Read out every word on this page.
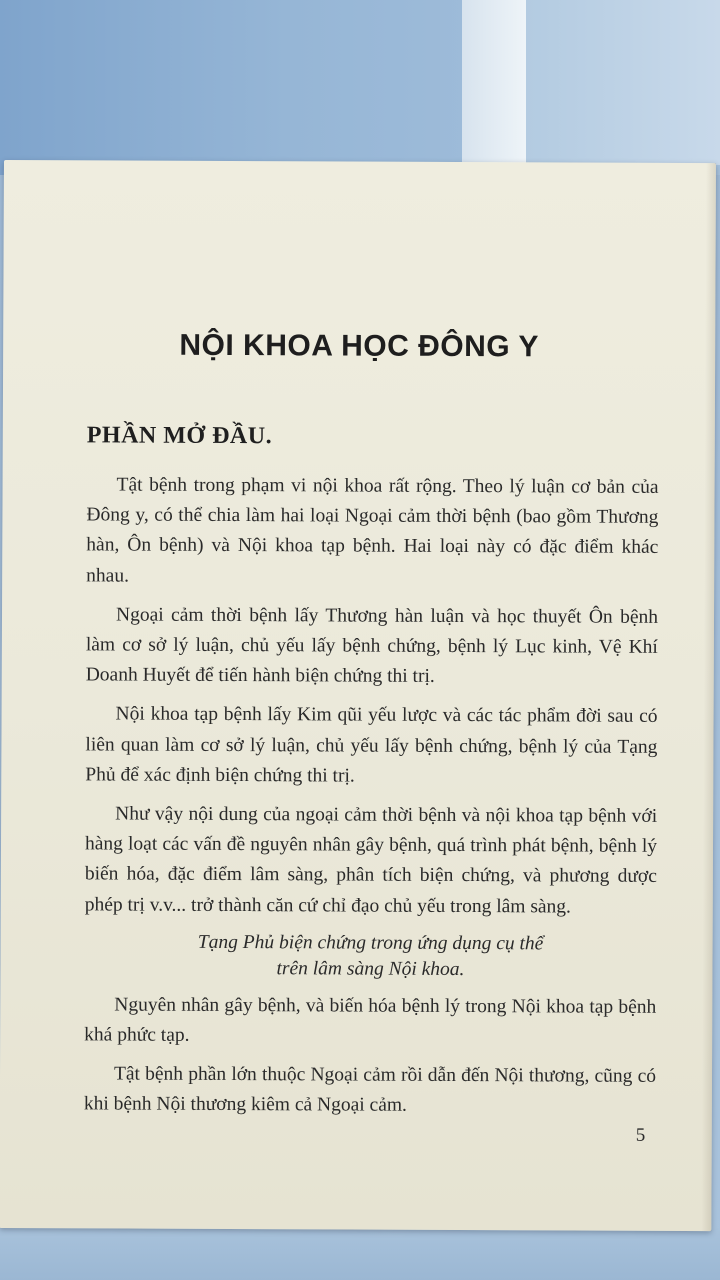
NỘI KHOA HỌC ĐÔNG Y
PHẦN MỞ ĐẦU.

Tật bệnh trong phạm vi nội khoa rất rộng. Theo lý luận cơ bản của Đông y, có thể chia làm hai loại Ngoại cảm thời bệnh (bao gồm Thương hàn, Ôn bệnh) và Nội khoa tạp bệnh. Hai loại này có đặc điểm khác nhau.

Ngoại cảm thời bệnh lấy Thương hàn luận và học thuyết Ôn bệnh làm cơ sở lý luận, chủ yếu lấy bệnh chứng, bệnh lý Lục kinh, Vệ Khí Doanh Huyết để tiến hành biện chứng thi trị.

Nội khoa tạp bệnh lấy Kim qũi yếu lược và các tác phẩm đời sau có liên quan làm cơ sở lý luận, chủ yếu lấy bệnh chứng, bệnh lý của Tạng Phủ để xác định biện chứng thi trị.

Như vậy nội dung của ngoại cảm thời bệnh và nội khoa tạp bệnh với hàng loạt các vấn đề nguyên nhân gây bệnh, quá trình phát bệnh, bệnh lý biến hóa, đặc điểm lâm sàng, phân tích biện chứng, và phương dược phép trị v.v... trở thành căn cứ chỉ đạo chủ yếu trong lâm sàng.

Tạng Phủ biện chứng trong ứng dụng cụ thể
trên lâm sàng Nội khoa.

Nguyên nhân gây bệnh, và biến hóa bệnh lý trong Nội khoa tạp bệnh khá phức tạp.

Tật bệnh phần lớn thuộc Ngoại cảm rồi dẫn đến Nội thương, cũng có khi bệnh Nội thương kiêm cả Ngoại cảm.

5
